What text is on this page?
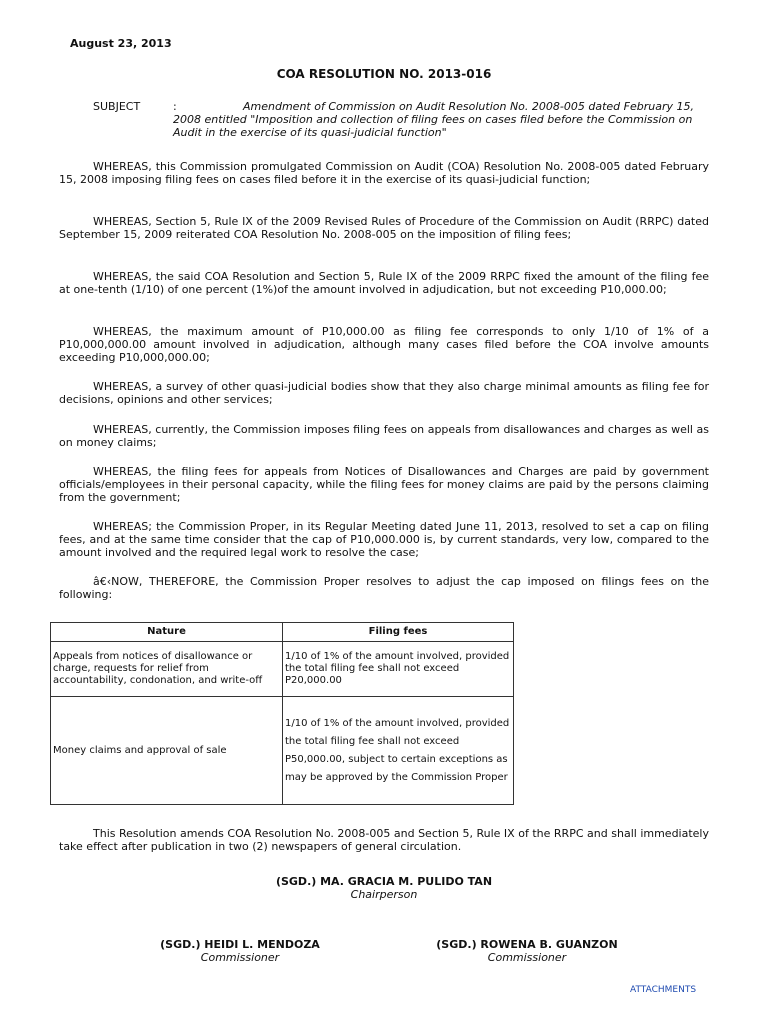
August 23, 2013
COA RESOLUTION NO. 2013-016
SUBJECT	:	Amendment of Commission on Audit Resolution No. 2008-005 dated February 15, 2008 entitled "Imposition and collection of filing fees on cases filed before the Commission on Audit in the exercise of its quasi-judicial function"
WHEREAS, this Commission promulgated Commission on Audit (COA) Resolution No. 2008-005 dated February 15, 2008 imposing filing fees on cases filed before it in the exercise of its quasi-judicial function;
WHEREAS, Section 5, Rule IX of the 2009 Revised Rules of Procedure of the Commission on Audit (RRPC) dated September 15, 2009 reiterated COA Resolution No. 2008-005 on the imposition of filing fees;
WHEREAS, the said COA Resolution and Section 5, Rule IX of the 2009 RRPC fixed the amount of the filing fee at one-tenth (1/10) of one percent (1%)of the amount involved in adjudication, but not exceeding P10,000.00;
WHEREAS, the maximum amount of P10,000.00 as filing fee corresponds to only 1/10 of 1% of a P10,000,000.00 amount involved in adjudication, although many cases filed before the COA involve amounts exceeding P10,000,000.00;
WHEREAS, a survey of other quasi-judicial bodies show that they also charge minimal amounts as filing fee for decisions, opinions and other services;
WHEREAS, currently, the Commission imposes filing fees on appeals from disallowances and charges as well as on money claims;
WHEREAS, the filing fees for appeals from Notices of Disallowances and Charges are paid by government officials/employees in their personal capacity, while the filing fees for money claims are paid by the persons claiming from the government;
WHEREAS; the Commission Proper, in its Regular Meeting dated June 11, 2013, resolved to set a cap on filing fees, and at the same time consider that the cap of P10,000.000 is, by current standards, very low, compared to the amount involved and the required legal work to resolve the case;
â€‹NOW, THEREFORE, the Commission Proper resolves to adjust the cap imposed on filings fees on the following:
Nature	Filing fees
Appeals from notices of disallowance or charge, requests for relief from accountability, condonation, and write-off	1/10 of 1% of the amount involved, provided the total filing fee shall not exceed P20,000.00
Money claims and approval of sale	1/10 of 1% of the amount involved, provided the total filing fee shall not exceed P50,000.00, subject to certain exceptions as may be approved by the Commission Proper
This Resolution amends COA Resolution No. 2008-005 and Section 5, Rule IX of the RRPC and shall immediately take effect after publication in two (2) newspapers of general circulation.
(SGD.) MA. GRACIA M. PULIDO TAN
Chairperson
(SGD.) HEIDI L. MENDOZA
Commissioner
(SGD.) ROWENA B. GUANZON
Commissioner
ATTACHMENTS
